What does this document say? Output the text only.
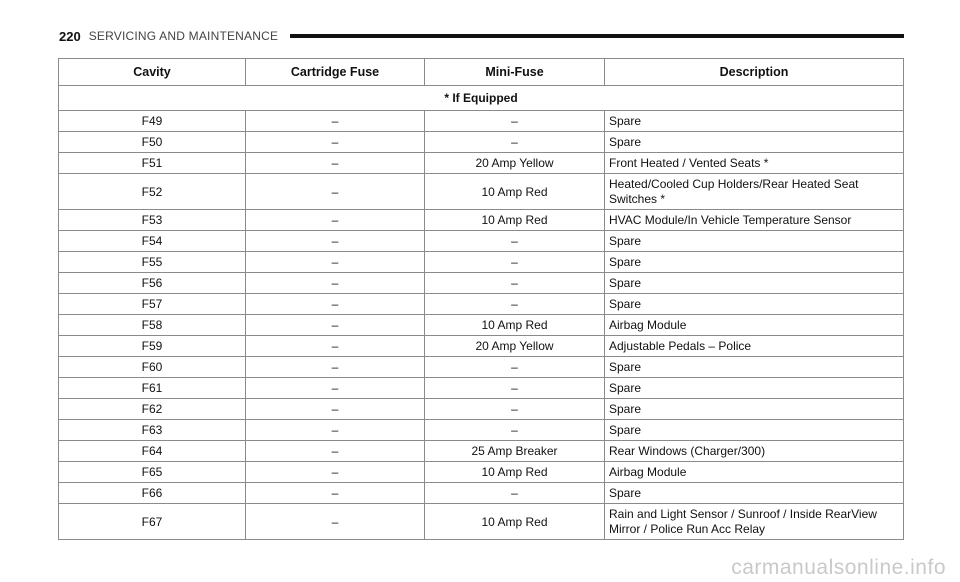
220 SERVICING AND MAINTENANCE
Cavity	Cartridge Fuse	Mini-Fuse	Description
* If Equipped			
F49	–	–	Spare
F50	–	–	Spare
F51	–	20 Amp Yellow	Front Heated / Vented Seats *
F52	–	10 Amp Red	Heated/Cooled Cup Holders/Rear Heated Seat Switches *
F53	–	10 Amp Red	HVAC Module/In Vehicle Temperature Sensor
F54	–	–	Spare
F55	–	–	Spare
F56	–	–	Spare
F57	–	–	Spare
F58	–	10 Amp Red	Airbag Module
F59	–	20 Amp Yellow	Adjustable Pedals – Police
F60	–	–	Spare
F61	–	–	Spare
F62	–	–	Spare
F63	–	–	Spare
F64	–	25 Amp Breaker	Rear Windows (Charger/300)
F65	–	10 Amp Red	Airbag Module
F66	–	–	Spare
F67	–	10 Amp Red	Rain and Light Sensor / Sunroof / Inside RearView Mirror / Police Run Acc Relay
carmanualsonline.info
